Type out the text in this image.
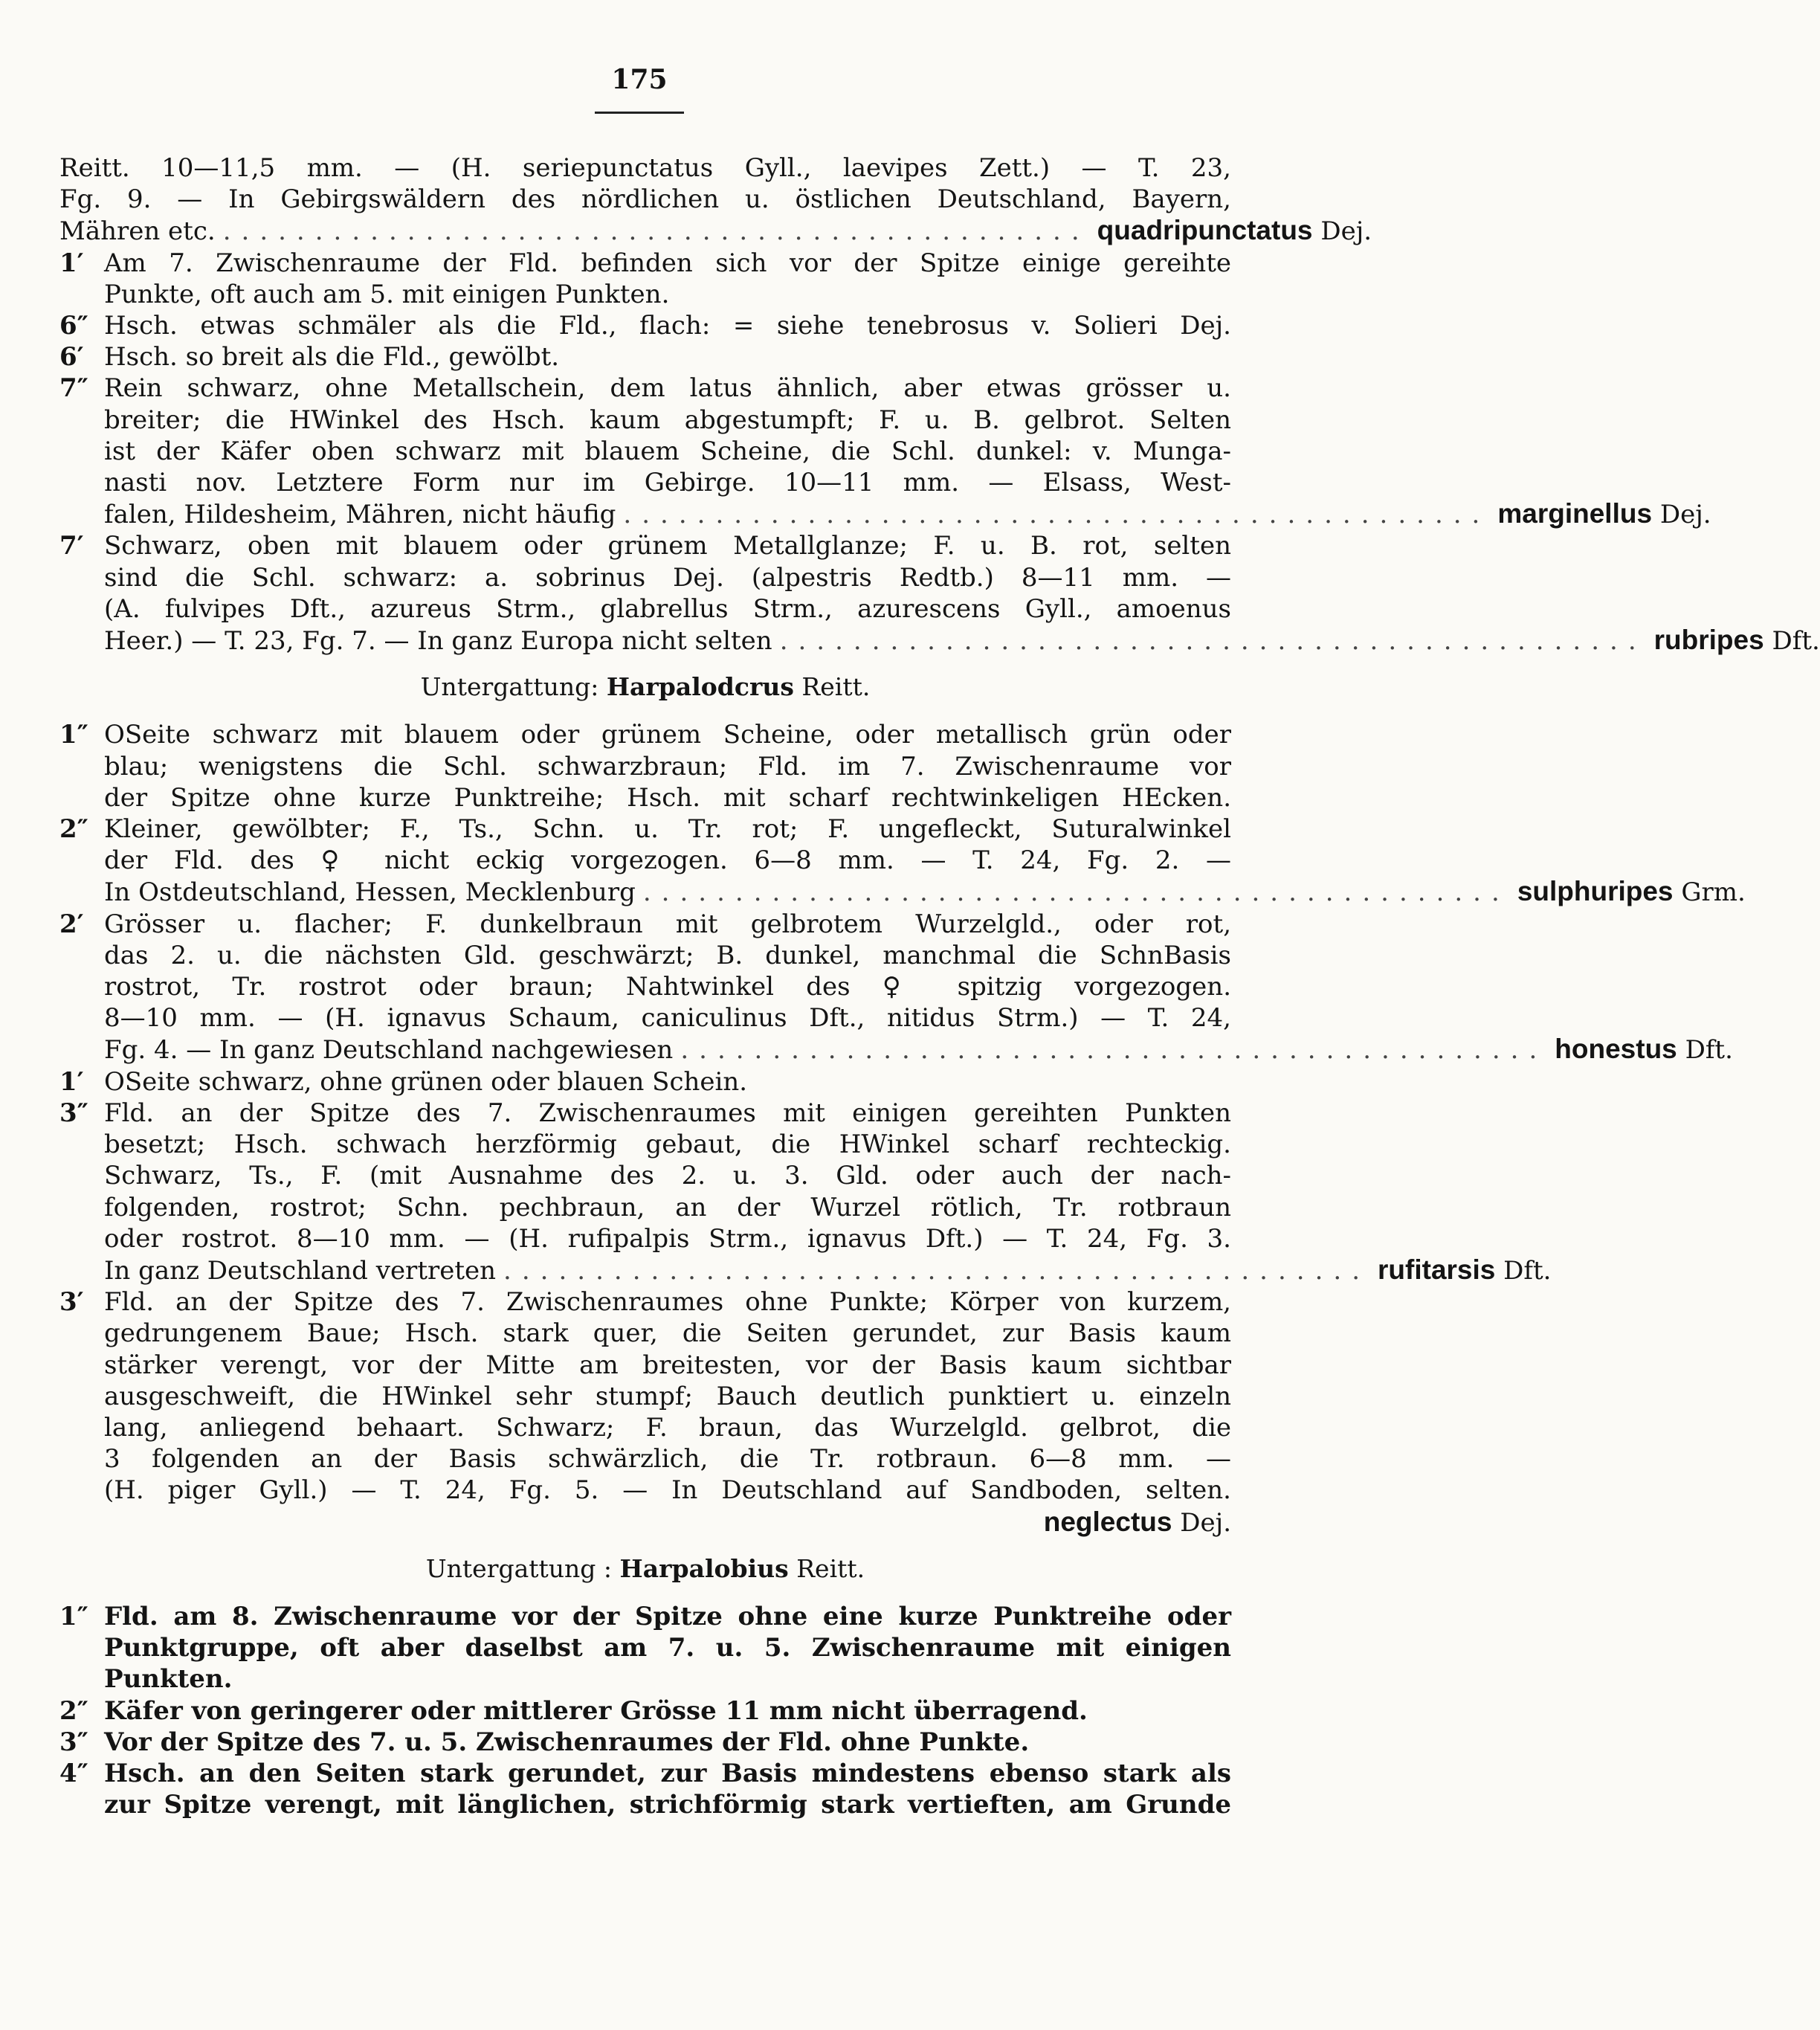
175
Reitt. 10—11,5 mm. — (H. seriepunctatus Gyll., laevipes Zett.) — T. 23,
Fg. 9. — In Gebirgswäldern des nördlichen u. östlichen Deutschland, Bayern,
Mähren etc. ............................................... quadripunctatus Dej.
1′ Am 7. Zwischenraume der Fld. befinden sich vor der Spitze einige gereihte
Punkte, oft auch am 5. mit einigen Punkten.
6″ Hsch. etwas schmäler als die Fld., flach: = siehe tenebrosus v. Solieri Dej.
6′ Hsch. so breit als die Fld., gewölbt.
7″ Rein schwarz, ohne Metallschein, dem latus ähnlich, aber etwas grösser u.
breiter; die HWinkel des Hsch. kaum abgestumpft; F. u. B. gelbrot. Selten
ist der Käfer oben schwarz mit blauem Scheine, die Schl. dunkel: v. Munga-
nasti nov. Letztere Form nur im Gebirge. 10—11 mm. — Elsass, West-
falen, Hildesheim, Mähren, nicht häufig ............................................... marginellus Dej.
7′ Schwarz, oben mit blauem oder grünem Metallglanze; F. u. B. rot, selten
sind die Schl. schwarz: a. sobrinus Dej. (alpestris Redtb.) 8—11 mm. —
(A. fulvipes Dft., azureus Strm., glabrellus Strm., azurescens Gyll., amoenus
Heer.) — T. 23, Fg. 7. — In ganz Europa nicht selten ............................................... rubripes Dft.
Untergattung: Harpalodcrus Reitt.
1″ OSeite schwarz mit blauem oder grünem Scheine, oder metallisch grün oder
blau; wenigstens die Schl. schwarzbraun; Fld. im 7. Zwischenraume vor
der Spitze ohne kurze Punktreihe; Hsch. mit scharf rechtwinkeligen HEcken.
2″ Kleiner, gewölbter; F., Ts., Schn. u. Tr. rot; F. ungefleckt, Suturalwinkel
der Fld. des ♀ nicht eckig vorgezogen. 6—8 mm. — T. 24, Fg. 2. —
In Ostdeutschland, Hessen, Mecklenburg ............................................... sulphuripes Grm.
2′ Grösser u. flacher; F. dunkelbraun mit gelbrotem Wurzelgld., oder rot,
das 2. u. die nächsten Gld. geschwärzt; B. dunkel, manchmal die SchnBasis
rostrot, Tr. rostrot oder braun; Nahtwinkel des ♀ spitzig vorgezogen.
8—10 mm. — (H. ignavus Schaum, caniculinus Dft., nitidus Strm.) — T. 24,
Fg. 4. — In ganz Deutschland nachgewiesen ............................................... honestus Dft.
1′ OSeite schwarz, ohne grünen oder blauen Schein.
3″ Fld. an der Spitze des 7. Zwischenraumes mit einigen gereihten Punkten
besetzt; Hsch. schwach herzförmig gebaut, die HWinkel scharf rechteckig.
Schwarz, Ts., F. (mit Ausnahme des 2. u. 3. Gld. oder auch der nach-
folgenden, rostrot; Schn. pechbraun, an der Wurzel rötlich, Tr. rotbraun
oder rostrot. 8—10 mm. — (H. rufipalpis Strm., ignavus Dft.) — T. 24, Fg. 3.
In ganz Deutschland vertreten ............................................... rufitarsis Dft.
3′ Fld. an der Spitze des 7. Zwischenraumes ohne Punkte; Körper von kurzem,
gedrungenem Baue; Hsch. stark quer, die Seiten gerundet, zur Basis kaum
stärker verengt, vor der Mitte am breitesten, vor der Basis kaum sichtbar
ausgeschweift, die HWinkel sehr stumpf; Bauch deutlich punktiert u. einzeln
lang, anliegend behaart. Schwarz; F. braun, das Wurzelgld. gelbrot, die
3 folgenden an der Basis schwärzlich, die Tr. rotbraun. 6—8 mm. —
(H. piger Gyll.) — T. 24, Fg. 5. — In Deutschland auf Sandboden, selten.
neglectus Dej.
Untergattung : Harpalobius Reitt.
1″ Fld. am 8. Zwischenraume vor der Spitze ohne eine kurze Punktreihe oder
Punktgruppe, oft aber daselbst am 7. u. 5. Zwischenraume mit einigen
Punkten.
2″ Käfer von geringerer oder mittlerer Grösse 11 mm nicht überragend.
3″ Vor der Spitze des 7. u. 5. Zwischenraumes der Fld. ohne Punkte.
4″ Hsch. an den Seiten stark gerundet, zur Basis mindestens ebenso stark als
zur Spitze verengt, mit länglichen, strichförmig stark vertieften, am Grunde
